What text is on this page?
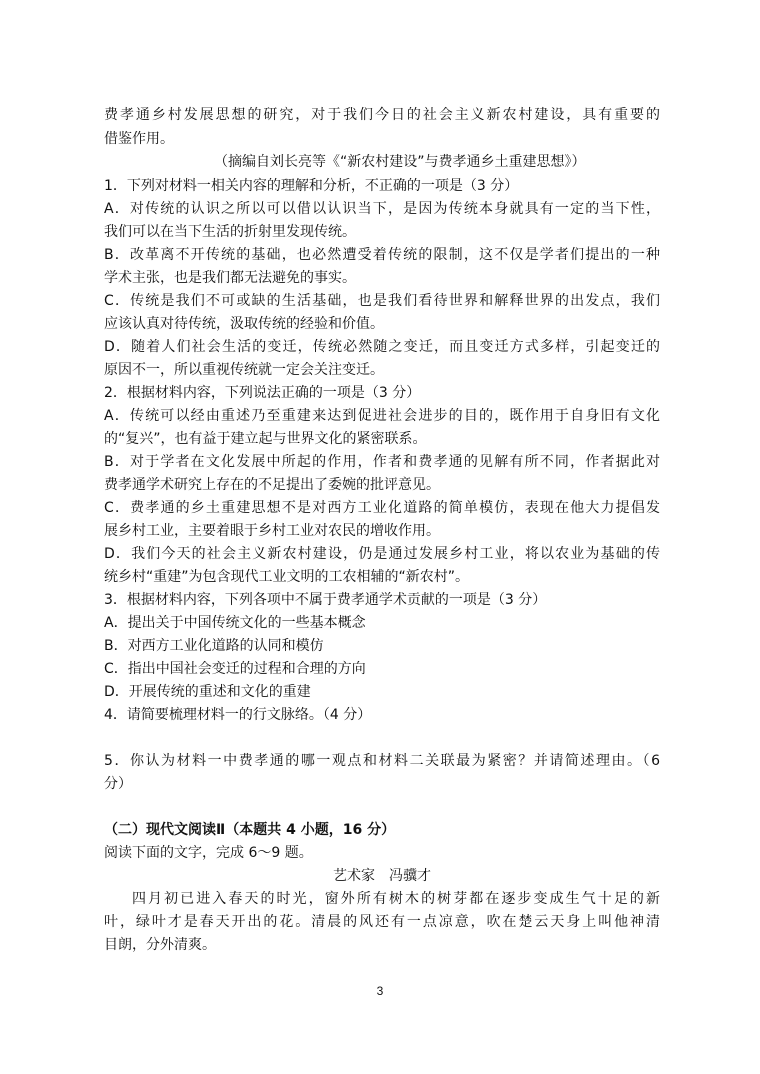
费孝通乡村发展思想的研究，对于我们今日的社会主义新农村建设，具有重要的
借鉴作用。
（摘编自刘长亮等《“新农村建设”与费孝通乡土重建思想》）
1．下列对材料一相关内容的理解和分析，不正确的一项是（3 分）
A．对传统的认识之所以可以借以认识当下，是因为传统本身就具有一定的当下性，
我们可以在当下生活的折射里发现传统。
B．改革离不开传统的基础，也必然遭受着传统的限制，这不仅是学者们提出的一种
学术主张，也是我们都无法避免的事实。
C．传统是我们不可或缺的生活基础，也是我们看待世界和解释世界的出发点，我们
应该认真对待传统，汲取传统的经验和价值。
D．随着人们社会生活的变迁，传统必然随之变迁，而且变迁方式多样，引起变迁的
原因不一，所以重视传统就一定会关注变迁。
2．根据材料内容，下列说法正确的一项是（3 分）
A．传统可以经由重述乃至重建来达到促进社会进步的目的，既作用于自身旧有文化
的“复兴”，也有益于建立起与世界文化的紧密联系。
B．对于学者在文化发展中所起的作用，作者和费孝通的见解有所不同，作者据此对
费孝通学术研究上存在的不足提出了委婉的批评意见。
C．费孝通的乡土重建思想不是对西方工业化道路的简单模仿，表现在他大力提倡发
展乡村工业，主要着眼于乡村工业对农民的增收作用。
D．我们今天的社会主义新农村建设，仍是通过发展乡村工业，将以农业为基础的传
统乡村“重建”为包含现代工业文明的工农相辅的“新农村”。
3．根据材料内容，下列各项中不属于费孝通学术贡献的一项是（3 分）
A．提出关于中国传统文化的一些基本概念
B．对西方工业化道路的认同和模仿
C．指出中国社会变迁的过程和合理的方向
D．开展传统的重述和文化的重建
4．请简要梳理材料一的行文脉络。（4 分）
5．你认为材料一中费孝通的哪一观点和材料二关联最为紧密？并请简述理由。（6
分）
（二）现代文阅读Ⅱ（本题共 4 小题，16 分）
阅读下面的文字，完成 6～9 题。
艺术家　冯骥才
四月初已进入春天的时光，窗外所有树木的树芽都在逐步变成生气十足的新
叶，绿叶才是春天开出的花。清晨的风还有一点凉意，吹在楚云天身上叫他神清
目朗，分外清爽。
3
